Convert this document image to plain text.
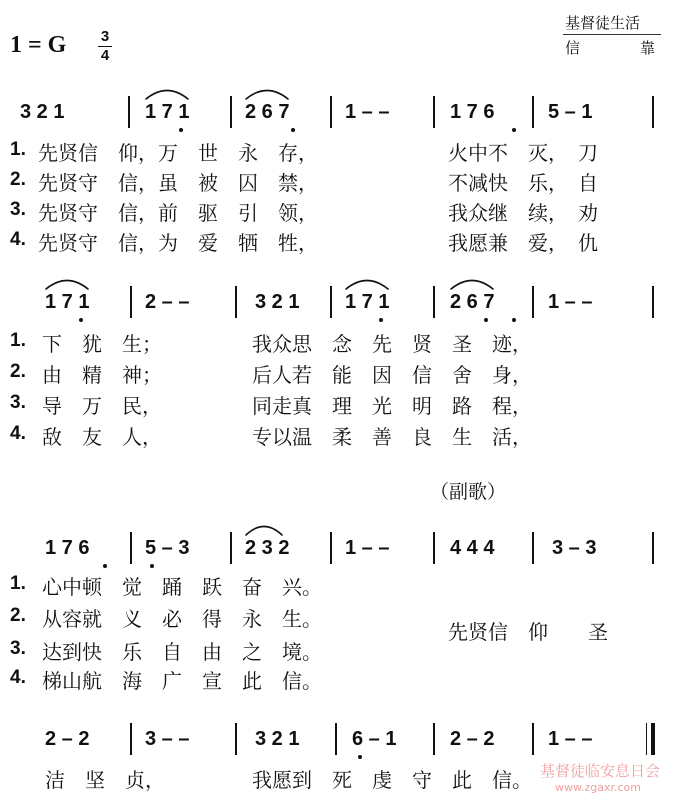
1 = G 3
4
基督徒生活
信　　　　靠
3 2 1	1 7 1	2 6 7	1 – –	1 7 6	5 – 1
1. 先贤信　仰，万　世　永　存，	火中不　灭，　刀
2. 先贤守　信，虽　被　囚　禁，	不减快　乐，　自
3. 先贤守　信，前　驱　引　领，	我众继　续，　劝
4. 先贤守　信，为　爱　牺　牲，	我愿兼　爱，　仇
1 7 1	2 – –	3 2 1 1 7 1	2 6 7	1 – –
1. 下　犹　生；	我众思　念　先　贤　圣　迹，
2. 由　精　神；	后人若　能　因　信　舍　身，
3. 导　万　民，	同走真　理　光　明　路　程，
4. 敌　友　人，	专以温　柔　善　良　生　活，
（副歌）
1 7 6	5 – 3	2 3 2	1 – –	4 4 4	3 – 3
1. 心中顿　觉　踊　跃　奋　兴。
2. 从容就　义　必　得　永　生。
3. 达到快　乐　自　由　之　境。
4. 梯山航　海　广　宣　此　信。
先贤信　仰　　圣
2 – 2	3 – –	3 2 1	6 – 1	2 – 2	1 – –
洁　坚　贞，	我愿到　死　虔　守　此　信。 基督徒临安息日会
www.zgaxr.com
